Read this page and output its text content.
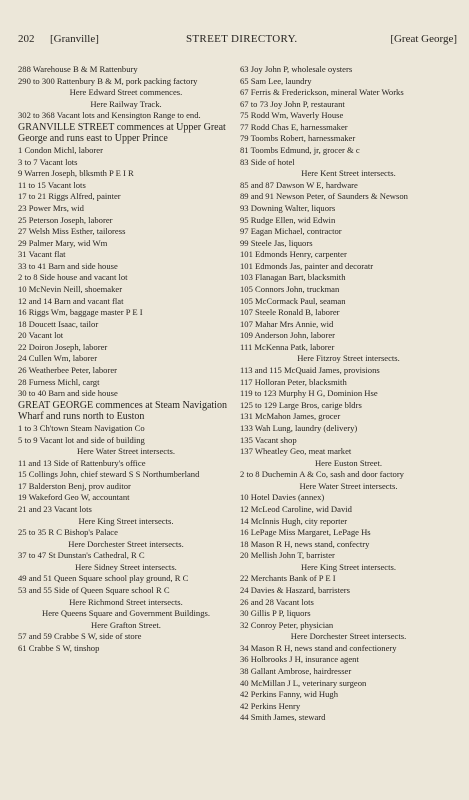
202 [Granville]	STREET DIRECTORY.	[Great George]
288 Warehouse B & M Rattenbury
290 to 300 Rattenbury B & M, pork packing factory
Here Edward Street commences.
Here Railway Track.
302 to 368 Vacant lots and Kensington Range to end.
GRANVILLE STREET commences at Upper Great George and runs east to Upper Prince
1 Condon Michl, laborer
3 to 7 Vacant lots
9 Warren Joseph, blksmth P E I R
11 to 15 Vacant lots
17 to 21 Riggs Alfred, painter
23 Power Mrs, wid
25 Peterson Joseph, laborer
27 Welsh Miss Esther, tailoress
29 Palmer Mary, wid Wm
31 Vacant flat
33 to 41 Barn and side house
2 to 8 Side house and vacant lot
10 McNevin Neill, shoemaker
12 and 14 Barn and vacant flat
16 Riggs Wm, baggage master P E I
18 Doucett Isaac, tailor
20 Vacant lot
22 Doiron Joseph, laborer
24 Cullen Wm, laborer
26 Weatherbee Peter, laborer
28 Furness Michl, cargt
30 to 40 Barn and side house
GREAT GEORGE commences at Steam Navigation Wharf and runs north to Euston
1 to 3 Ch'town Steam Navigation Co
5 to 9 Vacant lot and side of building
Here Water Street intersects.
11 and 13 Side of Rattenbury's office
15 Collings John, chief steward S S Northumberland
17 Balderston Benj, prov auditor
19 Wakeford Geo W, accountant
21 and 23 Vacant lots
Here King Street intersects.
25 to 35 R C Bishop's Palace
Here Dorchester Street intersects.
37 to 47 St Dunstan's Cathedral, R C
Here Sidney Street intersects.
49 and 51 Queen Square school play ground, R C
53 and 55 Side of Queen Square school R C
Here Richmond Street intersects.
Here Queens Square and Government Buildings.
Here Grafton Street.
57 and 59 Crabbe S W, side of store
61 Crabbe S W, tinshop
63 Joy John P, wholesale oysters
65 Sam Lee, laundry
67 Ferris & Frederickson, mineral Water Works
67 to 73 Joy John P, restaurant
75 Rodd Wm, Waverly House
77 Rodd Chas E, harnessmaker
79 Toombs Robert, harnessmaker
81 Toombs Edmund, jr, grocer & c
83 Side of hotel
Here Kent Street intersects.
85 and 87 Dawson W E, hardware
89 and 91 Newson Peter, of Saunders & Newson
93 Downing Walter, liquors
95 Rudge Ellen, wid Edwin
97 Eagan Michael, contractor
99 Steele Jas, liquors
101 Edmonds Henry, carpenter
101 Edmonds Jas, painter and decoratr
103 Flanagan Bart, blacksmith
105 Connors John, truckman
105 McCormack Paul, seaman
107 Steele Ronald B, laborer
107 Mahar Mrs Annie, wid
109 Anderson John, laborer
111 McKenna Patk, laborer
Here Fitzroy Street intersects.
113 and 115 McQuaid James, provisions
117 Holloran Peter, blacksmith
119 to 123 Murphy H G, Dominion Hse
125 to 129 Large Bros, carige bldrs
131 McMahon James, grocer
133 Wah Lung, laundry (delivery)
135 Vacant shop
137 Wheatley Geo, meat market
Here Euston Street.
2 to 8 Duchemin A & Co, sash and door factory
Here Water Street intersects.
10 Hotel Davies (annex)
12 McLeod Caroline, wid David
14 McInnis Hugh, city reporter
16 LePage Miss Margaret, LePage Hs
18 Mason R H, news stand, confectry
20 Mellish John T, barrister
Here King Street intersects.
22 Merchants Bank of P E I
24 Davies & Haszard, barristers
26 and 28 Vacant lots
30 Gillis P P, liquors
32 Conroy Peter, physician
Here Dorchester Street intersects.
34 Mason R H, news stand and confectionery
36 Holbrooks J H, insurance agent
38 Gallant Ambrose, hairdresser
40 McMillan J L, veterinary surgeon
42 Perkins Fanny, wid Hugh
42 Perkins Henry
44 Smith James, steward
